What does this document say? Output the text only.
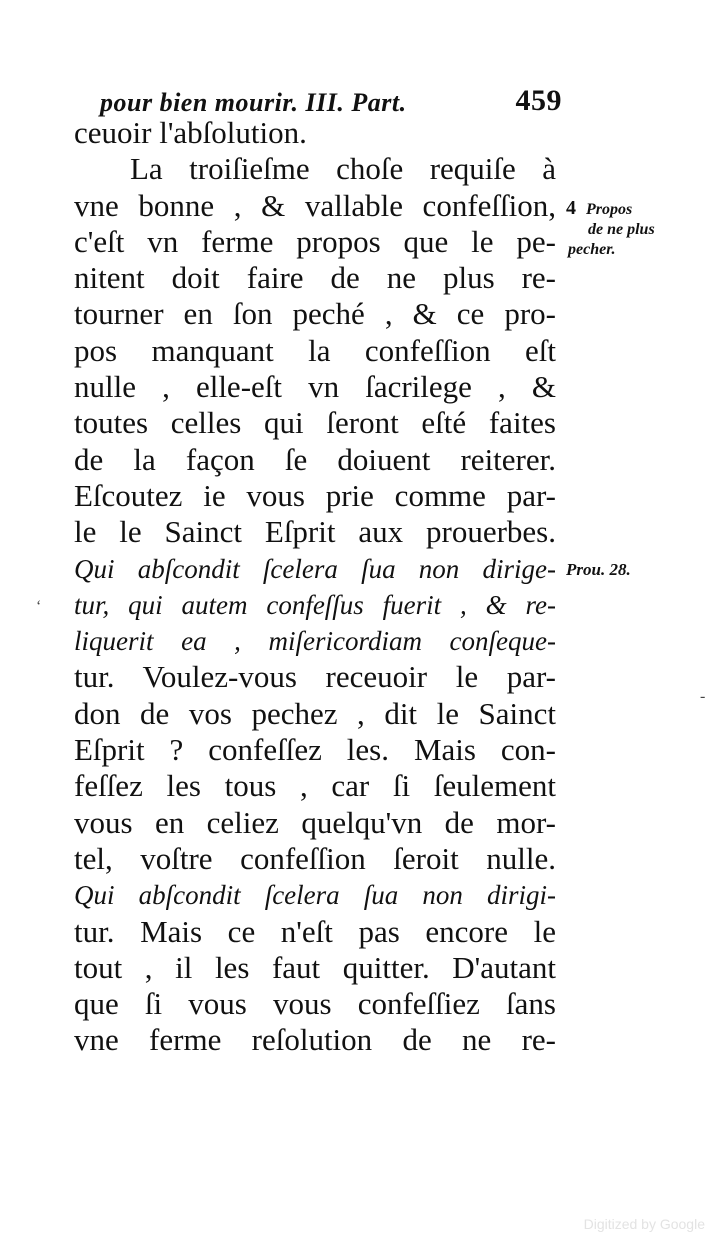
pour bien mourir. III. Part.	459
ceuoir l'abſolution.
La troiſieſme choſe requiſe à
vne bonne , & vallable confeſſion,
c'eſt vn ferme propos que le pe-
nitent doit faire de ne plus re-
tourner en ſon peché , & ce pro-
pos manquant la confeſſion eſt
nulle , elle-eſt vn ſacrilege , &
toutes celles qui ſeront eſté faites
de la façon ſe doiuent reiterer.
Eſcoutez ie vous prie comme par-
le le Sainct Eſprit aux prouerbes.
Qui abſcondit ſcelera ſua non dirige-
tur, qui autem confeſſus fuerit , & re-
liquerit ea , miſericordiam conſeque-
tur. Voulez-vous receuoir le par-
don de vos pechez , dit le Sainct
Eſprit ? confeſſez les. Mais con-
feſſez les tous , car ſi ſeulement
vous en celiez quelqu'vn de mor-
tel, voſtre confeſſion ſeroit nulle.
Qui abſcondit ſcelera ſua non dirigi-
tur. Mais ce n'eſt pas encore le
tout , il les faut quitter. D'autant
que ſi vous vous confeſſiez ſans
vne ferme reſolution de ne re-
4 Propos
de ne plus
pecher.
Prou. 28.
‘
-
Digitized by Google
